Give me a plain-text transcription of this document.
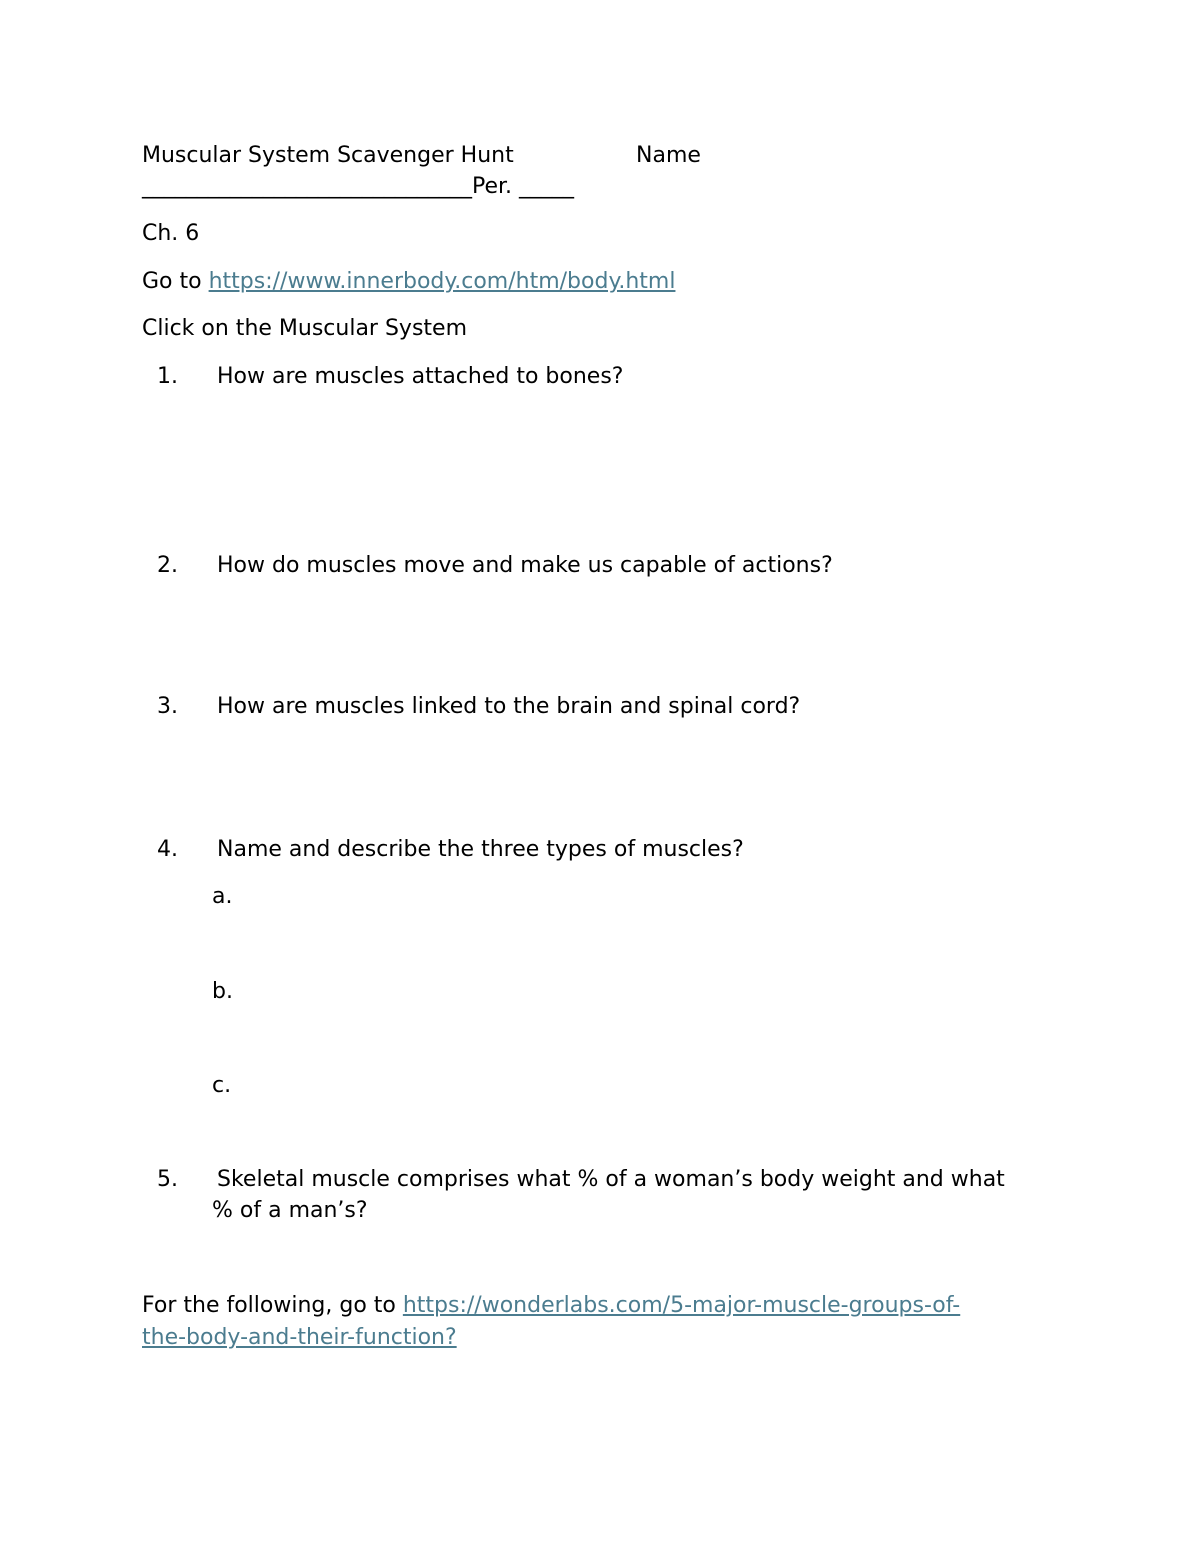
Muscular System Scavenger Hunt	Name
______________________________Per. _____
Ch. 6
Go to https://www.innerbody.com/htm/body.html
Click on the Muscular System
1. How are muscles attached to bones?
2. How do muscles move and make us capable of actions?
3. How are muscles linked to the brain and spinal cord?
4. Name and describe the three types of muscles?
a.
b.
c.
5. Skeletal muscle comprises what % of a woman’s body weight and what
% of a man’s?
For the following, go to https://wonderlabs.com/5-major-muscle-groups-of-
the-body-and-their-function?
